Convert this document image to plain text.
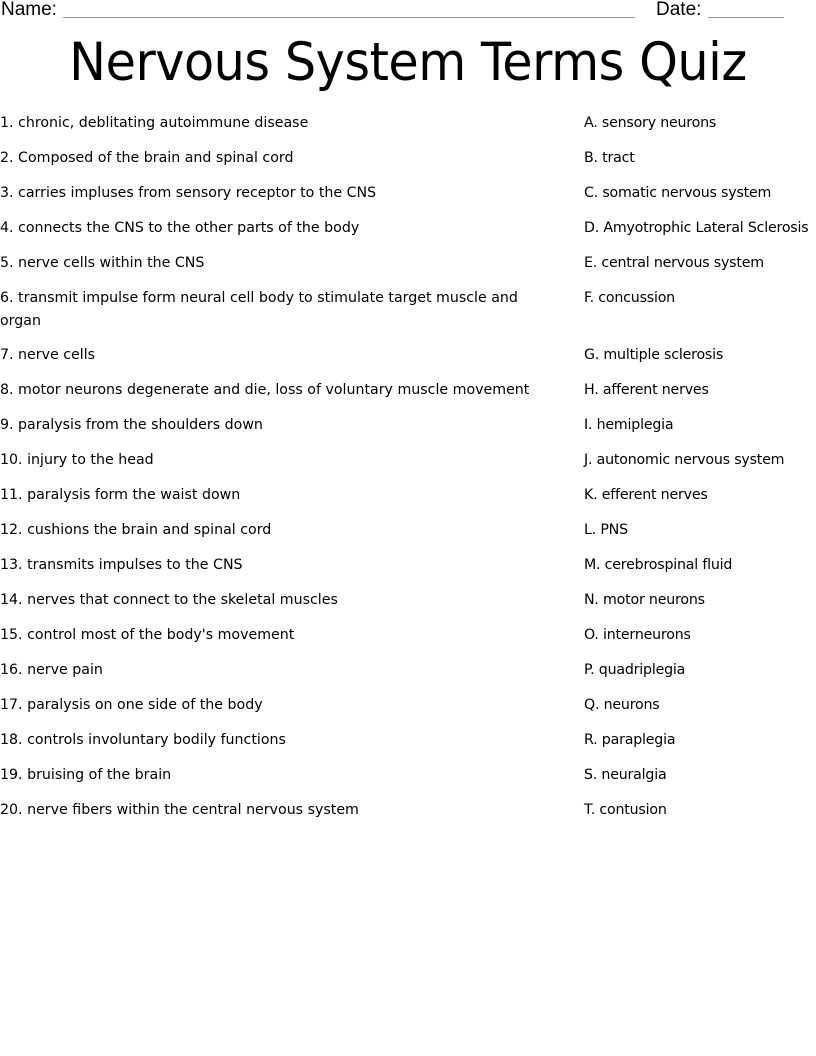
Name:	Date:
Nervous System Terms Quiz

1. chronic, deblitating autoimmune disease

2. Composed of the brain and spinal cord

3. carries impluses from sensory receptor to the CNS

4. connects the CNS to the other parts of the body

5. nerve cells within the CNS

6. transmit impulse form neural cell body to stimulate target muscle and organ

7. nerve cells

8. motor neurons degenerate and die, loss of voluntary muscle movement

9. paralysis from the shoulders down

10. injury to the head

11. paralysis form the waist down

12. cushions the brain and spinal cord

13. transmits impulses to the CNS

14. nerves that connect to the skeletal muscles

15. control most of the body's movement

16. nerve pain

17. paralysis on one side of the body

18. controls involuntary bodily functions

19. bruising of the brain

20. nerve fibers within the central nervous system

A. sensory neurons

B. tract

C. somatic nervous system

D. Amyotrophic Lateral Sclerosis

E. central nervous system

F. concussion

G. multiple sclerosis

H. afferent nerves

I. hemiplegia

J. autonomic nervous system

K. efferent nerves

L. PNS

M. cerebrospinal fluid

N. motor neurons

O. interneurons

P. quadriplegia

Q. neurons

R. paraplegia

S. neuralgia

T. contusion
